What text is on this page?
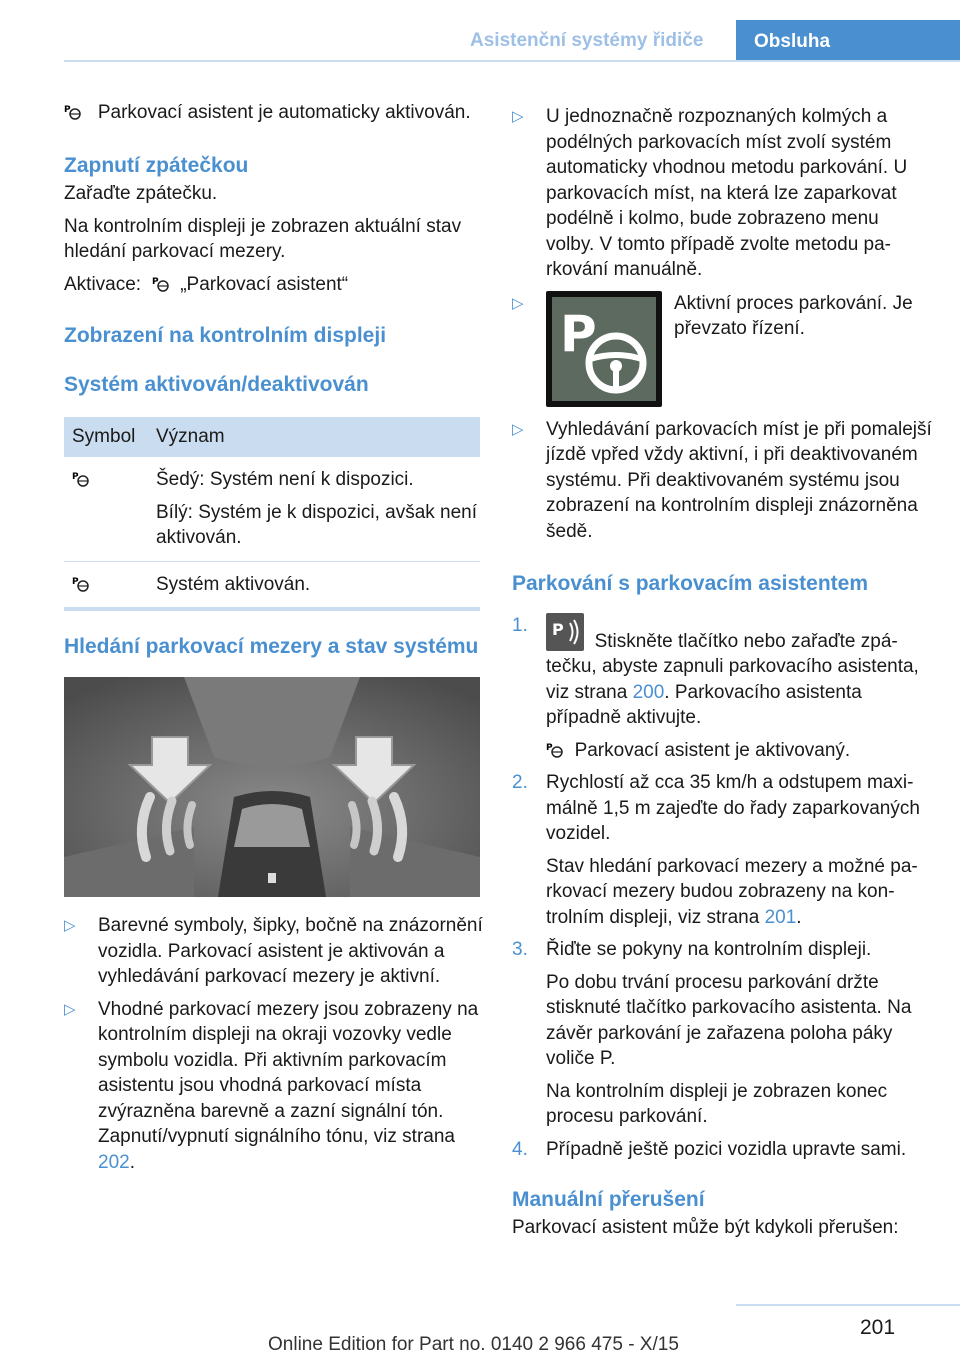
Asistenční systémy řidiče	Obsluha

P Parkovací asistent je automaticky aktivován.

Zapnutí zpátečkou

Zařaďte zpátečku.

Na kontrolním displeji je zobrazen aktuální stav hledání parkovací mezery.

Aktivace: P „Parkovací asistent“

Zobrazení na kontrolním displeji
Systém aktivován/deaktivován
Symbol	Význam

P	Šedý: Systém není k dispozici.
Bílý: Systém je k dispozici, avšak není aktivován.

P	Systém aktivován.
Hledání parkovací mezery a stav systému
▷ Barevné symboly, šipky, bočně na znázornění vozidla. Parkovací asistent je aktivován a vyhledávání parkovací mezery je aktivní.
▷ Vhodné parkovací mezery jsou zobrazeny na kontrolním displeji na okraji vozovky vedle symbolu vozidla. Při aktivním parkovacím asistentu jsou vhodná parkovací místa zvýrazněna barevně a zazní signální tón. Zapnutí/vypnutí signálního tónu, viz strana 202.
▷ U jednoznačně rozpoznaných kolmých a podélných parkovacích míst zvolí systém automaticky vhodnou metodu parkování. U parkovacích míst, na která lze zaparkovat podélně i kolmo, bude zobrazeno menu volby. V tomto případě zvolte metodu parkování manuálně.
▷
P
Aktivní proces parkování. Je převzato řízení.
▷ Vyhledávání parkovacích míst je při pomalejší jízdě vpřed vždy aktivní, i při deaktivovaném systému. Při deaktivovaném systému jsou zobrazení na kontrolním displeji znázorněna šedě.
Parkování s parkovacím asistentem
1. P
Stiskněte tlačítko nebo zařaďte zpátečku, abyste zapnuli parkovacího asistenta, viz strana 200. Parkovacího asistenta případně aktivujte.

P Parkovací asistent je aktivovaný.

2. Rychlostí až cca 35 km/h a odstupem maximálně 1,5 m zajeďte do řady zaparkovaných vozidel.

Stav hledání parkovací mezery a možné parkovací mezery budou zobrazeny na kontrolním displeji, viz strana 201.

3. Řiďte se pokyny na kontrolním displeji.

Po dobu trvání procesu parkování držte stisknuté tlačítko parkovacího asistenta. Na závěr parkování je zařazena poloha páky voliče P.

Na kontrolním displeji je zobrazen konec procesu parkování.

4. Případně ještě pozici vozidla upravte sami.
Manuální přerušení

Parkovací asistent může být kdykoli přerušen:

201
Online Edition for Part no. 0140 2 966 475 - X/15
